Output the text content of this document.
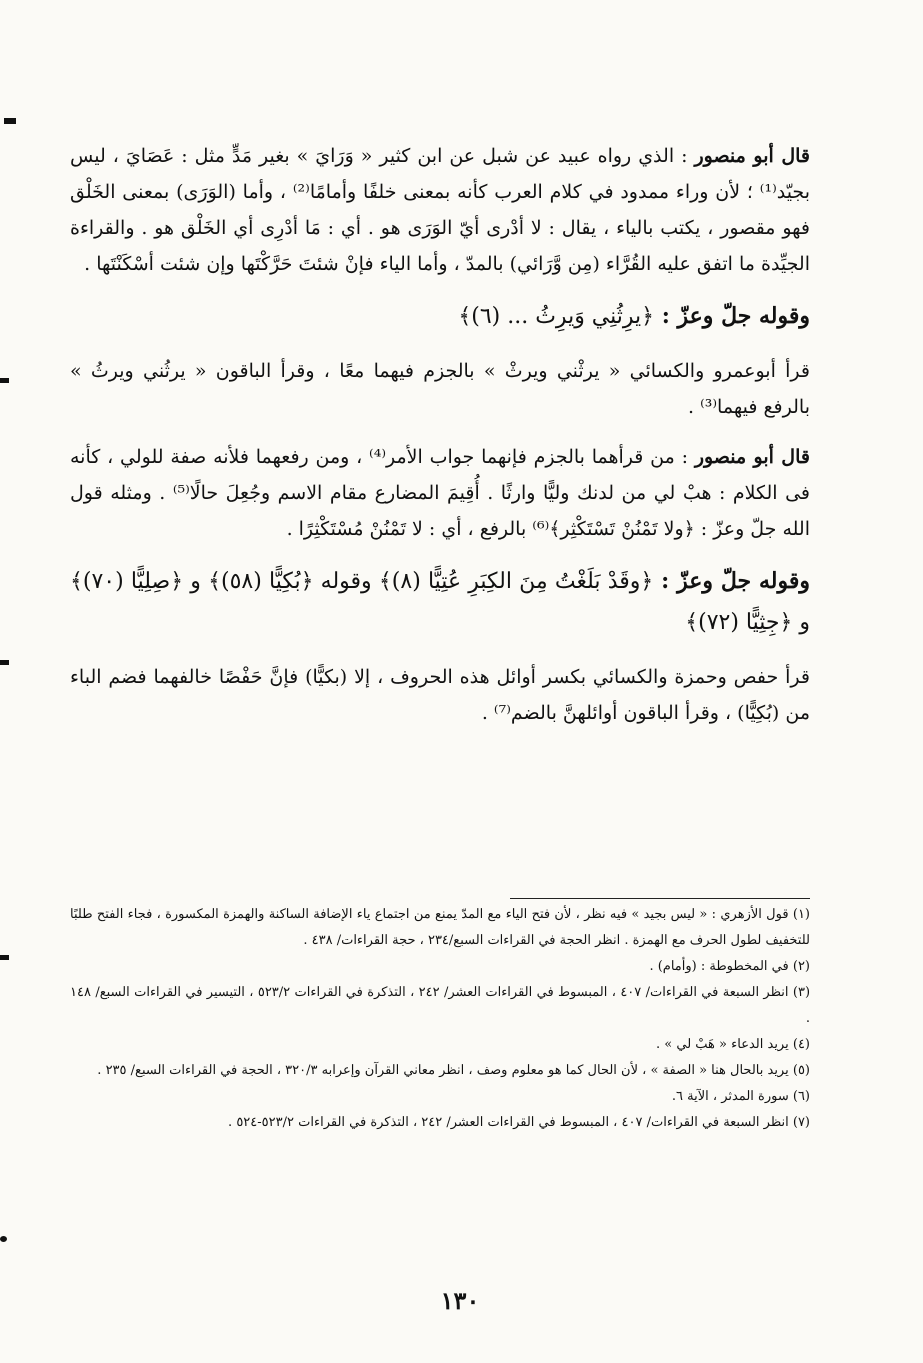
قال أبو منصور : الذي رواه عبيد عن شبل عن ابن كثير « وَرَايَ » بغير مَدٍّ مثل : عَصَايَ ، ليس بجيّد⁽¹⁾ ؛ لأن وراء ممدود في كلام العرب كأنه بمعنى خلفًا وأمامًا⁽²⁾ ، وأما (الوَرَى) بمعنى الخَلْق فهو مقصور ، يكتب بالياء ، يقال : لا أدْرى أيّ الوَرَى هو . أي : مَا أدْرِى أي الخَلْق هو . والقراءة الجيِّدة ما اتفق عليه القُرَّاء (مِن وَّرَائي) بالمدّ ، وأما الياء فإنْ شئتَ حَرَّكْتَها وإن شئت أسْكَنْتَها .

وقوله جلّ وعزّ : ﴿يرِثُنِي وَيرِثُ ... (٦)﴾

قرأ أبوعمرو والكسائي « يرثْني ويرثْ » بالجزم فيهما معًا ، وقرأ الباقون « يرثُني ويرثُ » بالرفع فيهما⁽³⁾ .

قال أبو منصور : من قرأهما بالجزم فإنهما جواب الأمر⁽⁴⁾ ، ومن رفعهما فلأنه صفة للولي ، كأنه فى الكلام : هبْ لي من لدنك وليًّا وارثًا . أُقِيمَ المضارع مقام الاسم وجُعِلَ حالًا⁽⁵⁾ . ومثله قول الله جلّ وعزّ : ﴿ولا تَمْنُنْ تَسْتَكْثِر﴾⁽⁶⁾ بالرفع ، أي : لا تَمْنُنْ مُسْتَكْثِرًا .

وقوله جلّ وعزّ : ﴿وقَدْ بَلَغْتُ مِنَ الكِبَرِ عُتِيًّا (٨)﴾ وقوله ﴿بُكِيًّا (٥٨)﴾ و ﴿صِلِيًّا (٧٠)﴾ و ﴿جِثِيًّا (٧٢)﴾

قرأ حفص وحمزة والكسائي بكسر أوائل هذه الحروف ، إلا (بكيًّا) فإنَّ حَفْصًا خالفهما فضم الباء من (بُكِيًّا) ، وقرأ الباقون أوائلهنَّ بالضم⁽⁷⁾ .

(١) قول الأزهري : « ليس بجيد » فيه نظر ، لأن فتح الياء مع المدّ يمنع من اجتماع ياء الإضافة الساكنة والهمزة المكسورة ، فجاء الفتح طلبًا للتخفيف لطول الحرف مع الهمزة . انظر الحجة في القراءات السبع/٢٣٤ ، حجة القراءات/ ٤٣٨ .

(٢) في المخطوطة : (وأمام) .

(٣) انظر السبعة في القراءات/ ٤٠٧ ، المبسوط في القراءات العشر/ ٢٤٢ ، التذكرة في القراءات ٥٢٣/٢ ، التيسير في القراءات السبع/ ١٤٨ .

(٤) يريد الدعاء « هَبْ لي » .

(٥) يريد بالحال هنا « الصفة » ، لأن الحال كما هو معلوم وصف ، انظر معاني القرآن وإعرابه ٣٢٠/٣ ، الحجة في القراءات السبع/ ٢٣٥ .

(٦) سورة المدثر ، الآية ٦.

(٧) انظر السبعة في القراءات/ ٤٠٧ ، المبسوط في القراءات العشر/ ٢٤٢ ، التذكرة في القراءات ٥٢٣/٢-٥٢٤ .

١٣٠
